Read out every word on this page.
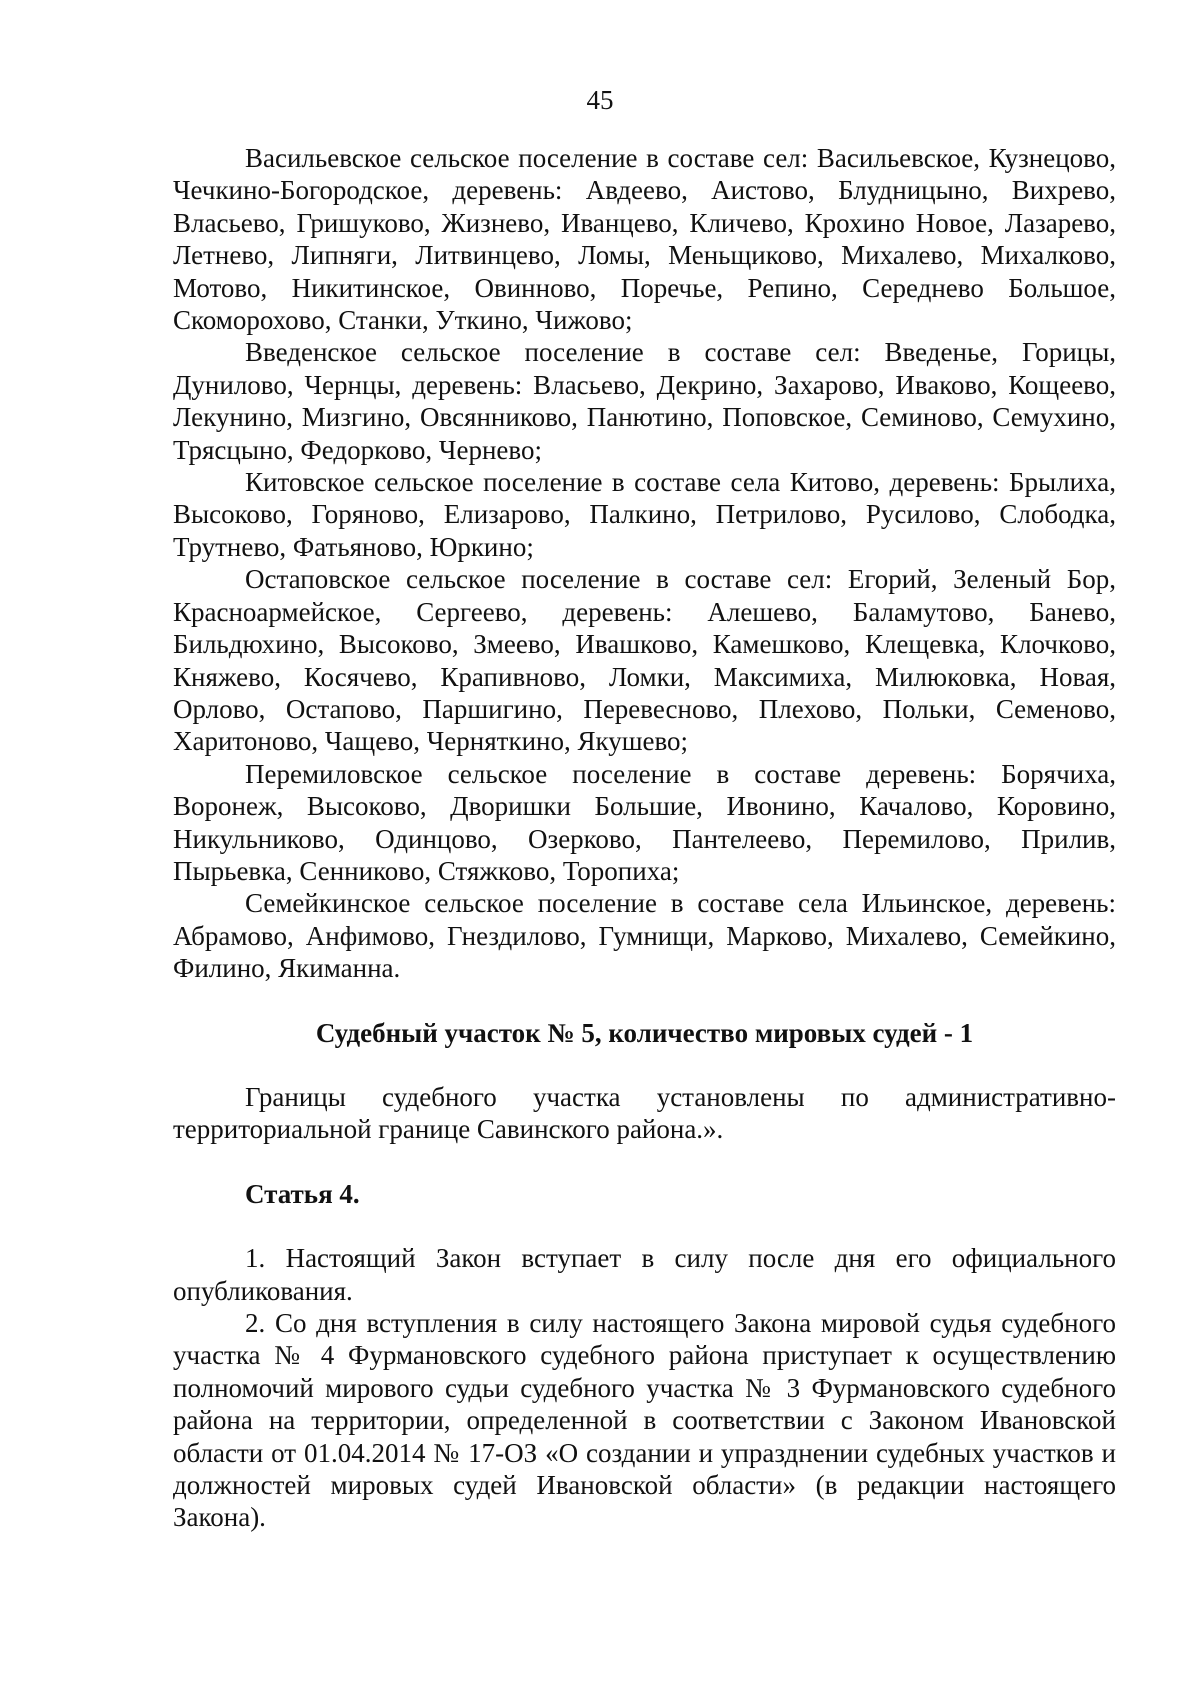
45

Васильевское сельское поселение в составе сел: Васильевское, Кузнецово, Чечкино-Богородское, деревень: Авдеево, Аистово, Блудницыно, Вихрево, Власьево, Гришуково, Жизнево, Иванцево, Кличево, Крохино Новое, Лазарево, Летнево, Липняги, Литвинцево, Ломы, Меньщиково, Михалево, Михалково, Мотово, Никитинское, Овинново, Поречье, Репино, Середнево Большое, Скоморохово, Станки, Уткино, Чижово;

Введенское сельское поселение в составе сел: Введенье, Горицы, Дунилово, Чернцы, деревень: Власьево, Декрино, Захарово, Иваково, Кощеево, Лекунино, Мизгино, Овсянниково, Панютино, Поповское, Семиново, Семухино, Трясцыно, Федорково, Чернево;

Китовское сельское поселение в составе села Китово, деревень: Брылиха, Высоково, Горяново, Елизарово, Палкино, Петрилово, Русилово, Слободка, Трутнево, Фатьяново, Юркино;

Остаповское сельское поселение в составе сел: Егорий, Зеленый Бор, Красноармейское, Сергеево, деревень: Алешево, Баламутово, Банево, Бильдюхино, Высоково, Змеево, Ивашково, Камешково, Клещевка, Клочково, Княжево, Косячево, Крапивново, Ломки, Максимиха, Милюковка, Новая, Орлово, Остапово, Паршигино, Перевесново, Плехово, Польки, Семеново, Харитоново, Чащево, Черняткино, Якушево;

Перемиловское сельское поселение в составе деревень: Борячиха, Воронеж, Высоково, Дворишки Большие, Ивонино, Качалово, Коровино, Никульниково, Одинцово, Озерково, Пантелеево, Перемилово, Прилив, Пырьевка, Сенниково, Стяжково, Торопиха;

Семейкинское сельское поселение в составе села Ильинское, деревень: Абрамово, Анфимово, Гнездилово, Гумнищи, Марково, Михалево, Семейкино, Филино, Якиманна.

Судебный участок № 5, количество мировых судей - 1

Границы судебного участка установлены по административно-территориальной границе Савинского района.».

Статья 4.

1. Настоящий Закон вступает в силу после дня его официального опубликования.

2. Со дня вступления в силу настоящего Закона мировой судья судебного участка № 4 Фурмановского судебного района приступает к осуществлению полномочий мирового судьи судебного участка № 3 Фурмановского судебного района на территории, определенной в соответствии с Законом Ивановской области от 01.04.2014 № 17-ОЗ «О создании и упразднении судебных участков и должностей мировых судей Ивановской области» (в редакции настоящего Закона).
